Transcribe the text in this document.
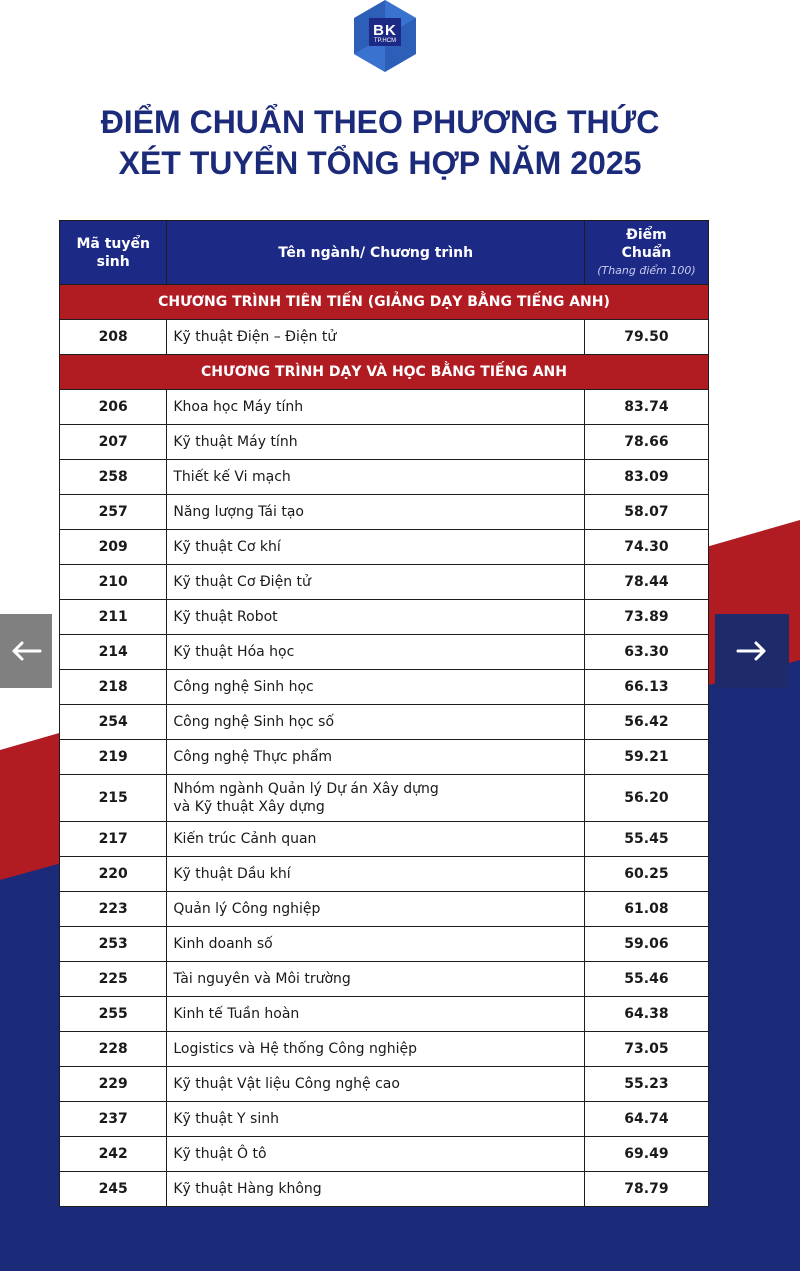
BK
TP.HCM
ĐIỂM CHUẨN THEO PHƯƠNG THỨC
XÉT TUYỂN TỔNG HỢP NĂM 2025
Mã tuyển sinh	Tên ngành/ Chương trình	Điểm Chuẩn
(Thang điểm 100)

CHƯƠNG TRÌNH TIÊN TIẾN (GIẢNG DẠY BẰNG TIẾNG ANH)		
208	Kỹ thuật Điện – Điện tử	79.50
CHƯƠNG TRÌNH DẠY VÀ HỌC BẰNG TIẾNG ANH		
206	Khoa học Máy tính	83.74
207	Kỹ thuật Máy tính	78.66
258	Thiết kế Vi mạch	83.09
257	Năng lượng Tái tạo	58.07
209	Kỹ thuật Cơ khí	74.30
210	Kỹ thuật Cơ Điện tử	78.44
211	Kỹ thuật Robot	73.89
214	Kỹ thuật Hóa học	63.30
218	Công nghệ Sinh học	66.13
254	Công nghệ Sinh học số	56.42
219	Công nghệ Thực phẩm	59.21
215	Nhóm ngành Quản lý Dự án Xây dựng
và Kỹ thuật Xây dựng	56.20
217	Kiến trúc Cảnh quan	55.45
220	Kỹ thuật Dầu khí	60.25
223	Quản lý Công nghiệp	61.08
253	Kinh doanh số	59.06
225	Tài nguyên và Môi trường	55.46
255	Kinh tế Tuần hoàn	64.38
228	Logistics và Hệ thống Công nghiệp	73.05
229	Kỹ thuật Vật liệu Công nghệ cao	55.23
237	Kỹ thuật Y sinh	64.74
242	Kỹ thuật Ô tô	69.49
245	Kỹ thuật Hàng không	78.79
